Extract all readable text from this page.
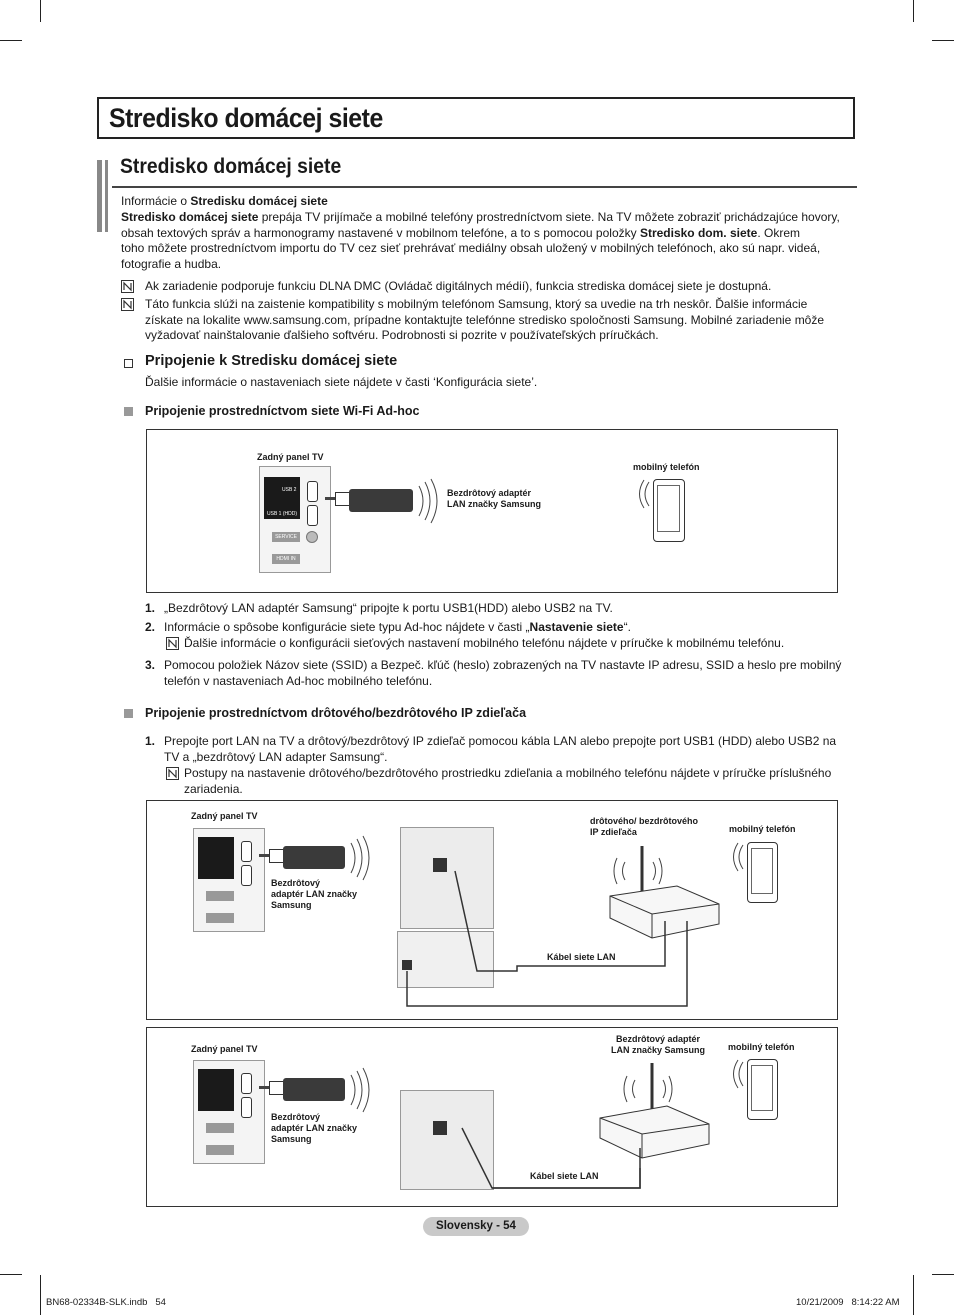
Stredisko domácej siete
Stredisko domácej siete
Informácie o Stredisku domácej siete
Stredisko domácej siete prepája TV prijímače a mobilné telefóny prostredníctvom siete. Na TV môžete zobraziť prichádzajúce hovory,
obsah textových správ a harmonogramy nastavené v mobilnom telefóne, a to s pomocou položky Stredisko dom. siete. Okrem
toho môžete prostredníctvom importu do TV cez sieť prehrávať mediálny obsah uložený v mobilných telefónoch, ako sú napr. videá,
fotografie a hudba.
Ak zariadenie podporuje funkciu DLNA DMC (Ovládač digitálnych médií), funkcia strediska domácej siete je dostupná.
Táto funkcia slúži na zaistenie kompatibility s mobilným telefónom Samsung, ktorý sa uvedie na trh neskôr. Ďalšie informácie
získate na lokalite www.samsung.com, prípadne kontaktujte telefónne stredisko spoločnosti Samsung. Mobilné zariadenie môže
vyžadovať nainštalovanie ďalšieho softvéru. Podrobnosti si pozrite v používateľských príručkách.
Pripojenie k Stredisku domácej siete
Ďalšie informácie o nastaveniach siete nájdete v časti ‘Konfigurácia siete’.
Pripojenie prostredníctvom siete Wi-Fi Ad-hoc
Zadný panel TV
USB 2
USB 1 (HDD)
SERVICE
HDMI IN
Bezdrôtový adaptér
LAN značky Samsung
mobilný telefón
1. „Bezdrôtový LAN adaptér Samsung“ pripojte k portu USB1(HDD) alebo USB2 na TV.
2. Informácie o spôsobe konfigurácie siete typu Ad-hoc nájdete v časti „Nastavenie siete“.
Ďalšie informácie o konfigurácii sieťových nastavení mobilného telefónu nájdete v príručke k mobilnému telefónu.
3. Pomocou položiek Názov siete (SSID) a Bezpeč. kľúč (heslo) zobrazených na TV nastavte IP adresu, SSID a heslo pre mobilný
telefón v nastaveniach Ad-hoc mobilného telefónu.
Pripojenie prostredníctvom drôtového/bezdrôtového IP zdieľača
1. Prepojte port LAN na TV a drôtový/bezdrôtový IP zdieľač pomocou kábla LAN alebo prepojte port USB1 (HDD) alebo USB2 na
TV a „bezdrôtový LAN adapter Samsung“.
Postupy na nastavenie drôtového/bezdrôtového prostriedku zdieľania a mobilného telefónu nájdete v príručke príslušného
zariadenia.
Zadný panel TV
Bezdrôtový
adaptér LAN značky
Samsung
drôtového/ bezdrôtového
IP zdieľača	mobilný telefón
Kábel siete LAN
Zadný panel TV
Bezdrôtový
adaptér LAN značky
Samsung
Bezdrôtový adaptér
LAN značky Samsung	mobilný telefón
Kábel siete LAN
Slovensky - 54
BN68-02334B-SLK.indb   54	10/21/2009   8:14:22 AM
